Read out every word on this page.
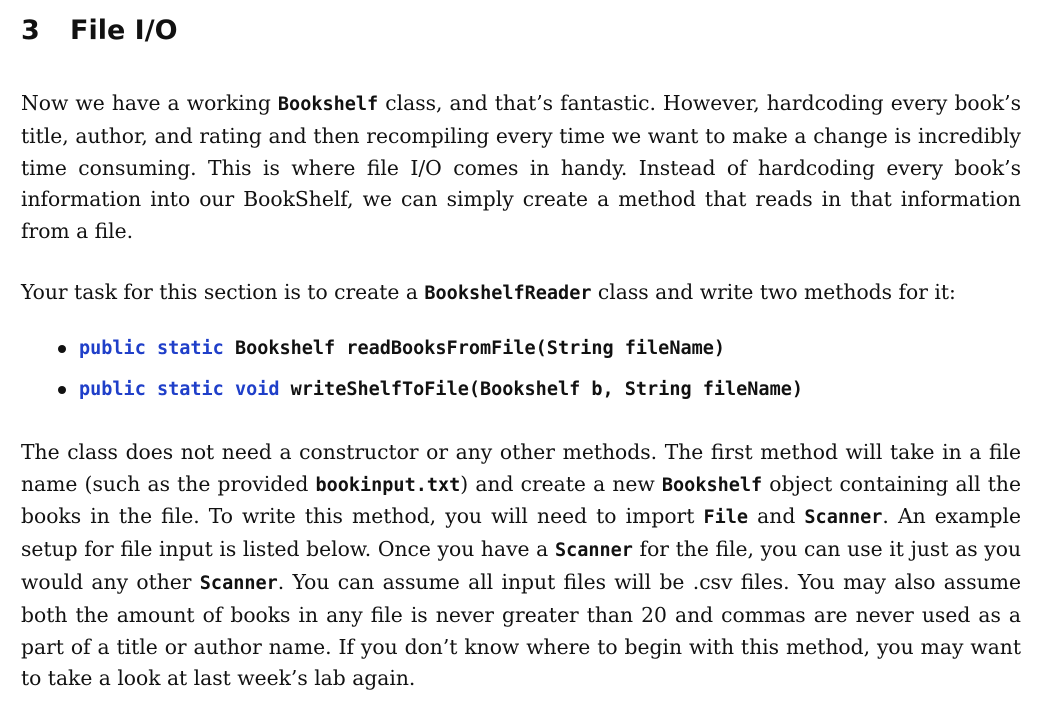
3 File I/O

Now we have a working Bookshelf class, and that’s fantastic. However, hardcoding every book’s title, author, and rating and then recompiling every time we want to make a change is incredibly time consuming. This is where file I/O comes in handy. Instead of hardcoding every book’s information into our BookShelf, we can simply create a method that reads in that information from a file.

Your task for this section is to create a BookshelfReader class and write two methods for it:

public static Bookshelf readBooksFromFile(String fileName)
public static void writeShelfToFile(Bookshelf b, String fileName)

The class does not need a constructor or any other methods. The first method will take in a file name (such as the provided bookinput.txt) and create a new Bookshelf object containing all the books in the file. To write this method, you will need to import File and Scanner. An example setup for file input is listed below. Once you have a Scanner for the file, you can use it just as you would any other Scanner. You can assume all input files will be .csv files. You may also assume both the amount of books in any file is never greater than 20 and commas are never used as a part of a title or author name. If you don’t know where to begin with this method, you may want to take a look at last week’s lab again.
